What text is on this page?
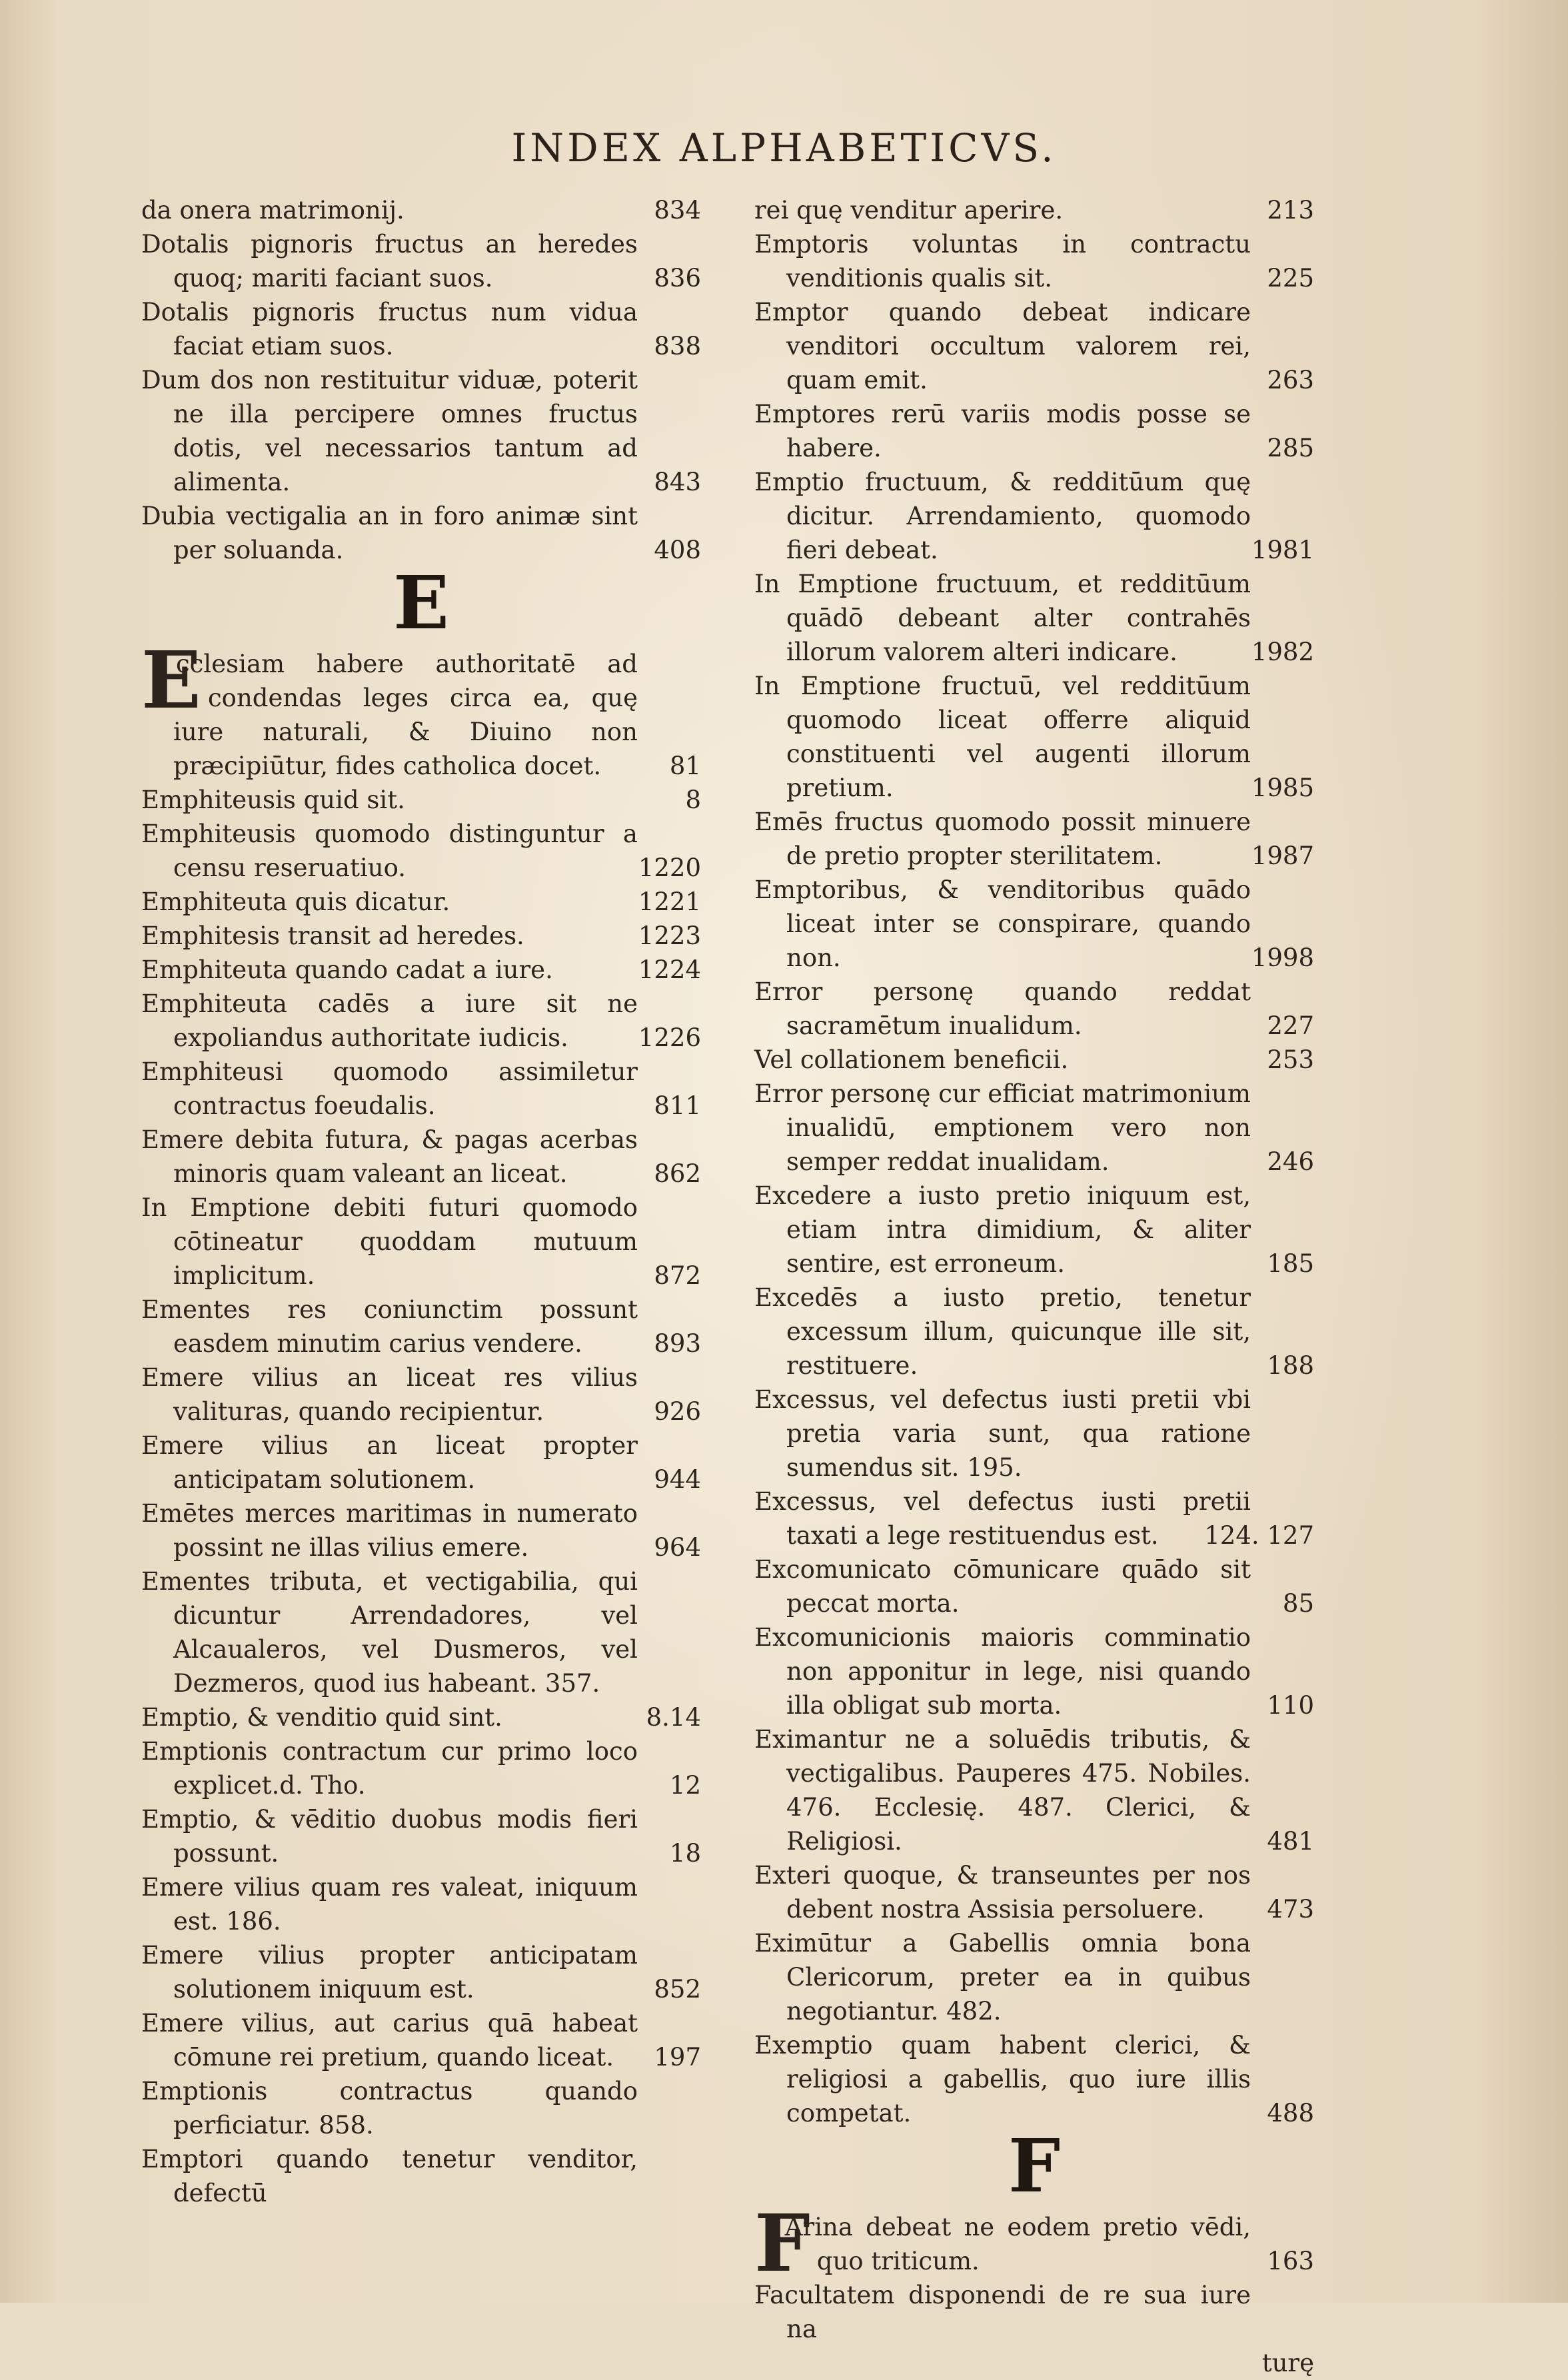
INDEX ALPHABETICVS.
da onera matrimonij.	834
Dotalis pignoris fructus an heredes quoq; mariti faciant suos.	836
Dotalis pignoris fructus num vidua faciat etiam suos.	838
Dum dos non restituitur viduæ, poterit ne illa percipere omnes fructus dotis, vel necessarios tantum ad alimenta.	843
Dubia vectigalia an in foro animæ sint per soluanda.	408
E
E
cclesiam habere authoritatē ad condendas leges circa ea, quę iure naturali, & Diuino non præcipiūtur, fides catholica docet.	81
Emphiteusis quid sit.	8
Emphiteusis quomodo distinguntur a censu reseruatiuo.	1220
Emphiteuta quis dicatur.	1221
Emphitesis transit ad heredes.	1223
Emphiteuta quando cadat a iure.	1224
Emphiteuta cadēs a iure sit ne expoliandus authoritate iudicis.	1226
Emphiteusi quomodo assimiletur contractus foeudalis.	811
Emere debita futura, & pagas acerbas minoris quam valeant an liceat.	862
In Emptione debiti futuri quomodo cōtineatur quoddam mutuum implicitum.	872
Ementes res coniunctim possunt easdem minutim carius vendere.	893
Emere vilius an liceat res vilius valituras, quando recipientur.	926
Emere vilius an liceat propter anticipatam solutionem.	944
Emētes merces maritimas in numerato possint ne illas vilius emere.	964
Ementes tributa, et vectigabilia, qui dicuntur Arrendadores, vel Alcaualeros, vel Dusmeros, vel Dezmeros, quod ius habeant. 357.
Emptio, & venditio quid sint.	8.14
Emptionis contractum cur primo loco explicet.d. Tho.	12
Emptio, & vēditio duobus modis fieri possunt.	18
Emere vilius quam res valeat, iniquum est. 186.
Emere vilius propter anticipatam solutionem iniquum est.	852
Emere vilius, aut carius quā habeat cōmune rei pretium, quando liceat. 197
Emptionis contractus quando perficiatur. 858.
Emptori quando tenetur venditor, defectū
rei quę venditur aperire.	213
Emptoris voluntas in contractu venditionis qualis sit.	225
Emptor quando debeat indicare venditori occultum valorem rei, quam emit.	263
Emptores rerū variis modis posse se habere.	285
Emptio fructuum, & redditūum quę dicitur. Arrendamiento, quomodo fieri debeat.	1981
In Emptione fructuum, et redditūum quādō debeant alter contrahēs illorum valorem alteri indicare.	1982
In Emptione fructuū, vel redditūum quomodo liceat offerre aliquid constituenti vel augenti illorum pretium.	1985
Emēs fructus quomodo possit minuere de pretio propter sterilitatem.	1987
Emptoribus, & venditoribus quādo liceat inter se conspirare, quando non.	1998
Error personę quando reddat sacramētum inualidum.	227
Vel collationem beneficii.	253
Error personę cur efficiat matrimonium inualidū, emptionem vero non semper reddat inualidam.	246
Excedere a iusto pretio iniquum est, etiam intra dimidium, & aliter sentire, est erroneum.	185
Excedēs a iusto pretio, tenetur excessum illum, quicunque ille sit, restituere.	188
Excessus, vel defectus iusti pretii vbi pretia varia sunt, qua ratione sumendus sit. 195.
Excessus, vel defectus iusti pretii taxati a lege restituendus est. 124. 127
Excomunicato cōmunicare quādo sit peccat morta.	85
Excomunicionis maioris comminatio non apponitur in lege, nisi quando illa obligat sub morta.	110
Eximantur ne a soluēdis tributis, & vectigalibus. Pauperes 475. Nobiles. 476. Ecclesię. 487. Clerici, & Religiosi.	481
Exteri quoque, & transeuntes per nos debent nostra Assisia persoluere.	473
Eximūtur a Gabellis omnia bona Clericorum, preter ea in quibus negotiantur. 482.
Exemptio quam habent clerici, & religiosi a gabellis, quo iure illis competat.	488
F
F
Arina debeat ne eodem pretio vēdi, quo triticum.	163
Facultatem disponendi de re sua iure na
turę
